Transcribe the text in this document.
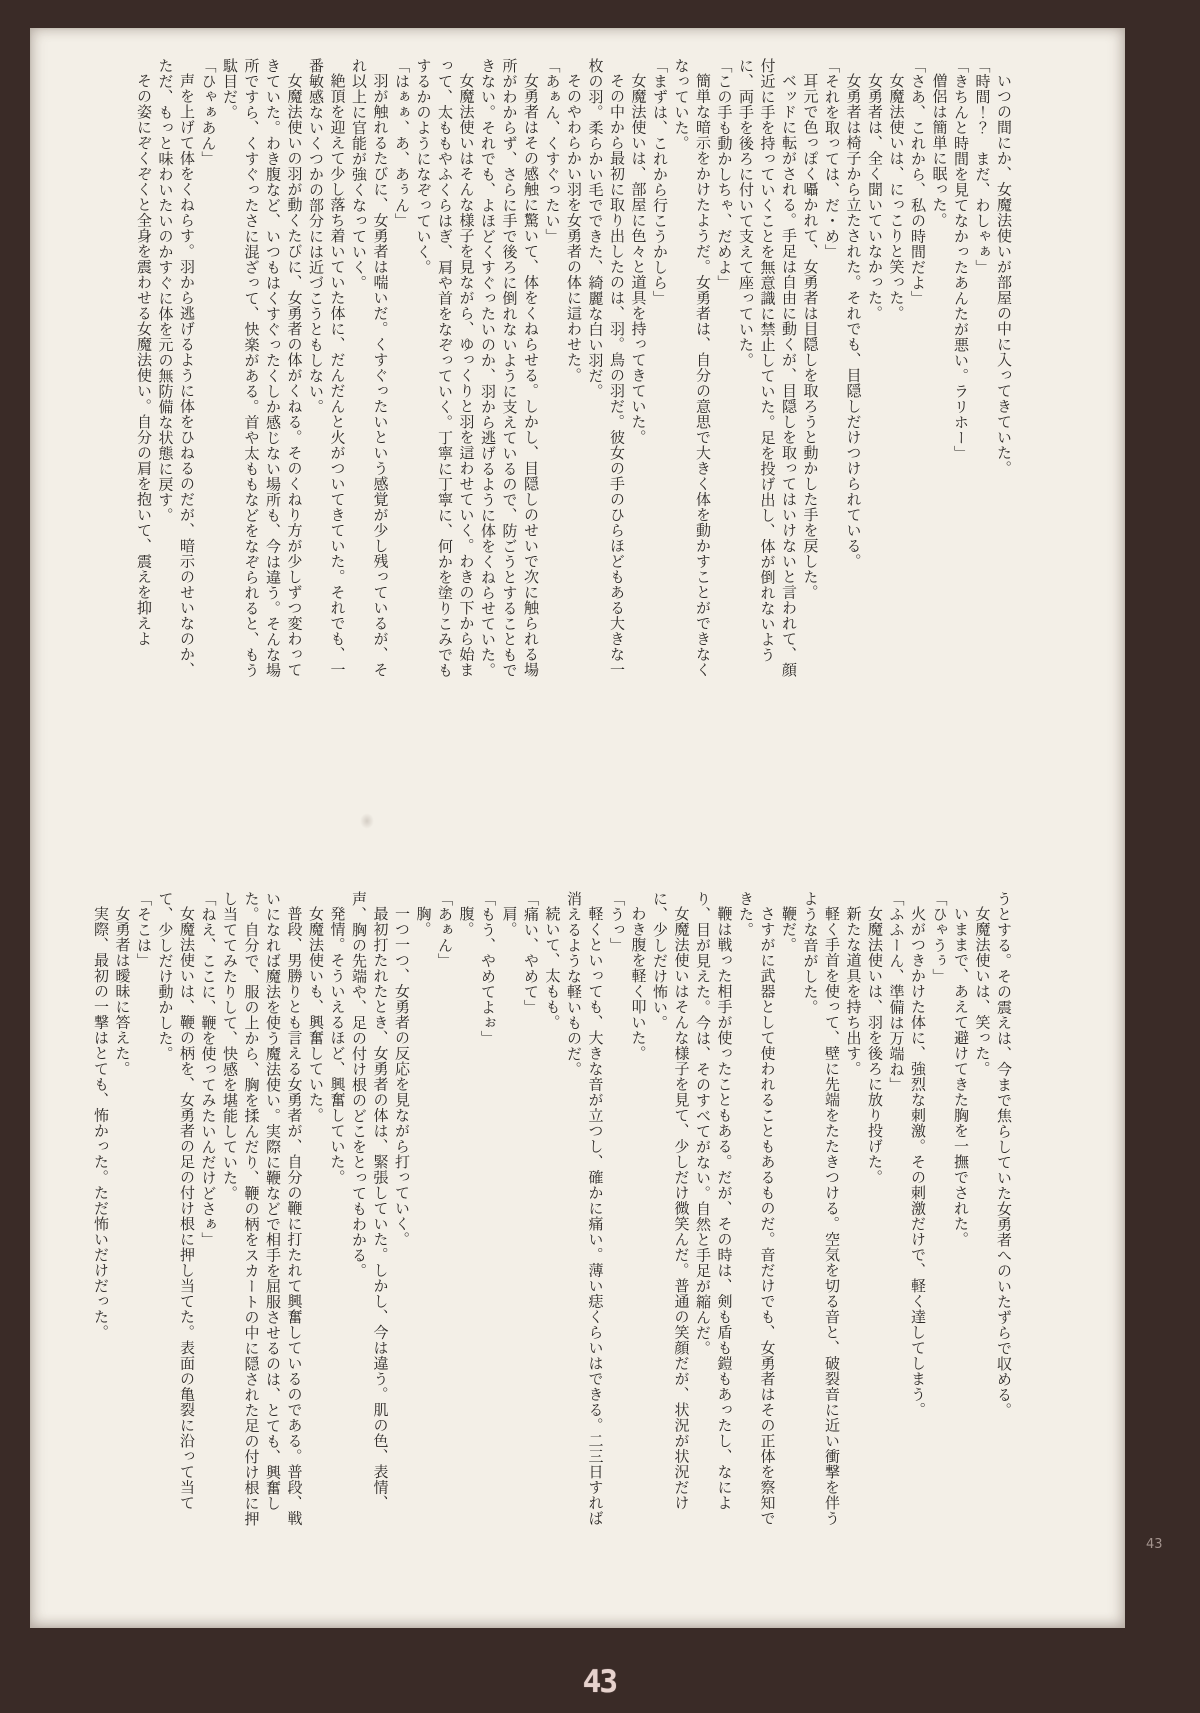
いつの間にか、女魔法使いが部屋の中に入ってきていた。

「時間！？　まだ、わしゃぁ」

「きちんと時間を見てなかったあんたが悪い。ラリホー」

僧侶は簡単に眠った。

「さあ、これから、私の時間だよ」

女魔法使いは、にっこりと笑った。

女勇者は、全く聞いていなかった。

女勇者は椅子から立たされた。それでも、目隠しだけつけられている。

「それを取っては、だ・め」

耳元で色っぽく囁かれて、女勇者は目隠しを取ろうと動かした手を戻した。

ベッドに転がされる。手足は自由に動くが、目隠しを取ってはいけないと言われて、顔付近に手を持っていくことを無意識に禁止していた。足を投げ出し、体が倒れないように、両手を後ろに付いて支えて座っていた。

「この手も動かしちゃ、だめよ」

簡単な暗示をかけたようだ。女勇者は、自分の意思で大きく体を動かすことができなくなっていた。

「まずは、これから行こうかしら」

女魔法使いは、部屋に色々と道具を持ってきていた。

その中から最初に取り出したのは、羽。鳥の羽だ。彼女の手のひらほどもある大きな一枚の羽。柔らかい毛でできた、綺麗な白い羽だ。

そのやわらかい羽を女勇者の体に這わせた。

「あぁん、くすぐったい」

女勇者はその感触に驚いて、体をくねらせる。しかし、目隠しのせいで次に触られる場所がわからず、さらに手で後ろに倒れないように支えているので、防ごうとすることもできない。それでも、よほどくすぐったいのか、羽から逃げるように体をくねらせていた。

女魔法使いはそんな様子を見ながら、ゆっくりと羽を這わせていく。わきの下から始まって、太ももやふくらはぎ、肩や首をなぞっていく。丁寧に丁寧に、何かを塗りこみでもするかのようになぞっていく。

「はぁぁ、あ、あぅん」

羽が触れるたびに、女勇者は喘いだ。くすぐったいという感覚が少し残っているが、それ以上に官能が強くなっていく。

絶頂を迎えて少し落ち着いていた体に、だんだんと火がついてきていた。それでも、一番敏感ないくつかの部分には近づこうともしない。

女魔法使いの羽が動くたびに、女勇者の体がくねる。そのくねり方が少しずつ変わってきていた。わき腹など、いつもはくすぐったくしか感じない場所も、今は違う。そんな場所ですら、くすぐったさに混ざって、快楽がある。首や太ももなどをなぞられると、もう駄目だ。

「ひゃぁあん」

声を上げて体をくねらす。羽から逃げるように体をひねるのだが、暗示のせいなのか、ただ、もっと味わいたいのかすぐに体を元の無防備な状態に戻す。

その姿にぞくぞくと全身を震わせる女魔法使い。自分の肩を抱いて、震えを抑えよ

うとする。その震えは、今まで焦らしていた女勇者へのいたずらで収める。

女魔法使いは、笑った。

いままで、あえて避けてきた胸を一撫でされた。

「ひゃうぅ」

火がつきかけた体に、強烈な刺激。その刺激だけで、軽く達してしまう。

「ふふーん、準備は万端ね」

女魔法使いは、羽を後ろに放り投げた。

新たな道具を持ち出す。

軽く手首を使って、壁に先端をたたきつける。空気を切る音と、破裂音に近い衝撃を伴うような音がした。

鞭だ。

さすがに武器として使われることもあるものだ。音だけでも、女勇者はその正体を察知できた。

鞭は戦った相手が使ったこともある。だが、その時は、剣も盾も鎧もあったし、なにより、目が見えた。今は、そのすべてがない。自然と手足が縮んだ。

女魔法使いはそんな様子を見て、少しだけ微笑んだ。普通の笑顔だが、状況が状況だけに、少しだけ怖い。

わき腹を軽く叩いた。

「うっ」

軽くといっても、大きな音が立つし、確かに痛い。薄い痣くらいはできる。二三日すれば消えるような軽いものだ。

続いて、太もも。

「痛い、やめて」

肩。

「もう、やめてよぉ」

腹。

「あぁん」

胸。

一つ一つ、女勇者の反応を見ながら打っていく。

最初打たれたとき、女勇者の体は、緊張していた。しかし、今は違う。肌の色、表情、声、胸の先端や、足の付け根のどこをとってもわかる。

発情。そういえるほど、興奮していた。

女魔法使いも、興奮していた。

普段、男勝りとも言える女勇者が、自分の鞭に打たれて興奮しているのである。普段、戦いになれば魔法を使う魔法使い。実際に鞭などで相手を屈服させるのは、とても、興奮した。自分で、服の上から、胸を揉んだり、鞭の柄をスカートの中に隠された足の付け根に押し当ててみたりして、快感を堪能していた。

「ねえ、ここに、鞭を使ってみたいんだけどさぁ」

女魔法使いは、鞭の柄を、女勇者の足の付け根に押し当てた。表面の亀裂に沿って当てて、少しだけ動かした。

「そこは」

女勇者は曖昧に答えた。

実際、最初の一撃はとても、怖かった。ただ怖いだけだった。

43
43
